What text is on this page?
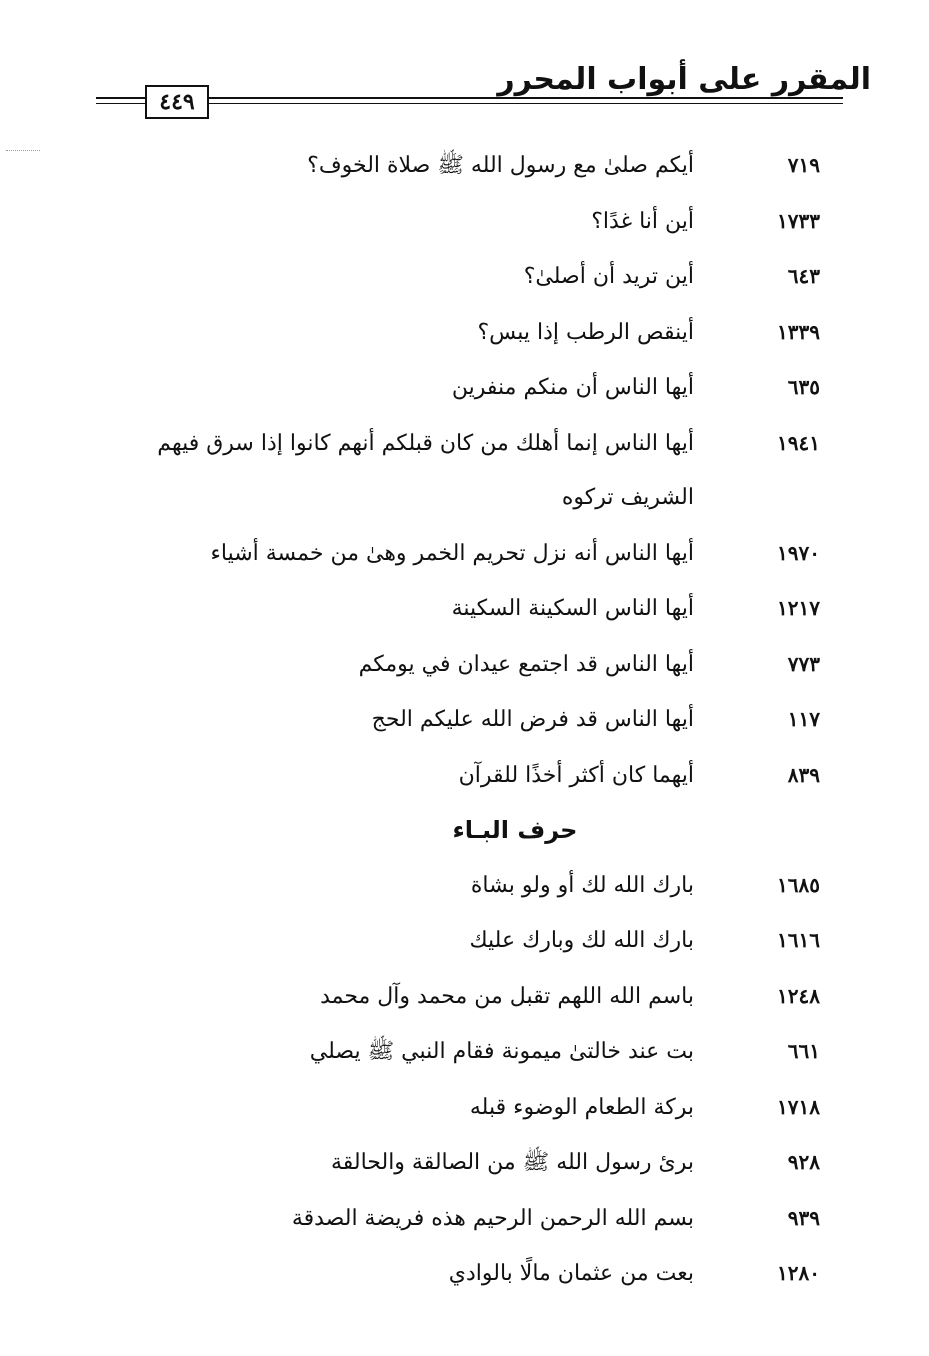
المقرر على أبواب المحرر
٤٤٩
٧١٩
أيكم صلىٰ مع رسول الله ﷺ صلاة الخوف؟
١٧٣٣
أين أنا غدًا؟
٦٤٣
أين تريد أن أصلىٰ؟
١٣٣٩
أينقص الرطب إذا يبس؟
٦٣٥
أيها الناس أن منكم منفرين
١٩٤١
أيها الناس إنما أهلك من كان قبلكم أنهم كانوا إذا سرق فيهم
الشريف تركوه
١٩٧٠
أيها الناس أنه نزل تحريم الخمر وهىٰ من خمسة أشياء
١٢١٧
أيها الناس السكينة السكينة
٧٧٣
أيها الناس قد اجتمع عيدان في يومكم
١١٧
أيها الناس قد فرض الله عليكم الحج
٨٣٩
أيهما كان أكثر أخذًا للقرآن
حرف البـاء
١٦٨٥
بارك الله لك أو ولو بشاة
١٦١٦
بارك الله لك وبارك عليك
١٢٤٨
باسم الله اللهم تقبل من محمد وآل محمد
٦٦١
بت عند خالتىٰ ميمونة فقام النبي ﷺ يصلي
١٧١٨
بركة الطعام الوضوء قبله
٩٢٨
برئ رسول الله ﷺ من الصالقة والحالقة
٩٣٩
بسم الله الرحمن الرحيم هذه فريضة الصدقة
١٢٨٠
بعت من عثمان مالًا بالوادي
